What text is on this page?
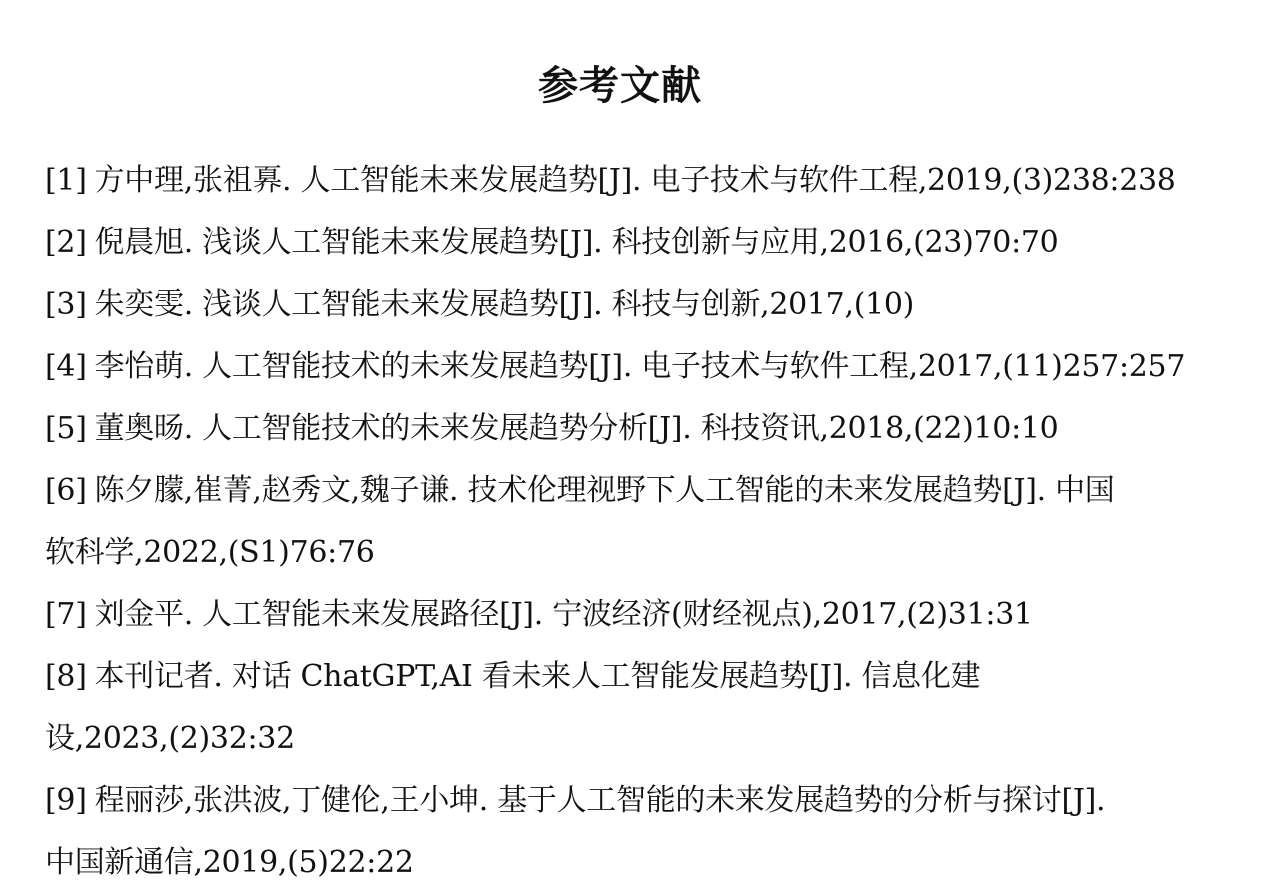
参考文献
[1] 方中理,张祖奡. 人工智能未来发展趋势[J]. 电子技术与软件工程,2019,(3)238:238
[2] 倪晨旭. 浅谈人工智能未来发展趋势[J]. 科技创新与应用,2016,(23)70:70
[3] 朱奕雯. 浅谈人工智能未来发展趋势[J]. 科技与创新,2017,(10)
[4] 李怡萌. 人工智能技术的未来发展趋势[J]. 电子技术与软件工程,2017,(11)257:257
[5] 董奥旸. 人工智能技术的未来发展趋势分析[J]. 科技资讯,2018,(22)10:10
[6] 陈夕朦,崔菁,赵秀文,魏子谦. 技术伦理视野下人工智能的未来发展趋势[J]. 中国
软科学,2022,(S1)76:76
[7] 刘金平. 人工智能未来发展路径[J]. 宁波经济(财经视点),2017,(2)31:31
[8] 本刊记者. 对话 ChatGPT,AI 看未来人工智能发展趋势[J]. 信息化建
设,2023,(2)32:32
[9] 程丽莎,张洪波,丁健伦,王小坤. 基于人工智能的未来发展趋势的分析与探讨[J].
中国新通信,2019,(5)22:22
